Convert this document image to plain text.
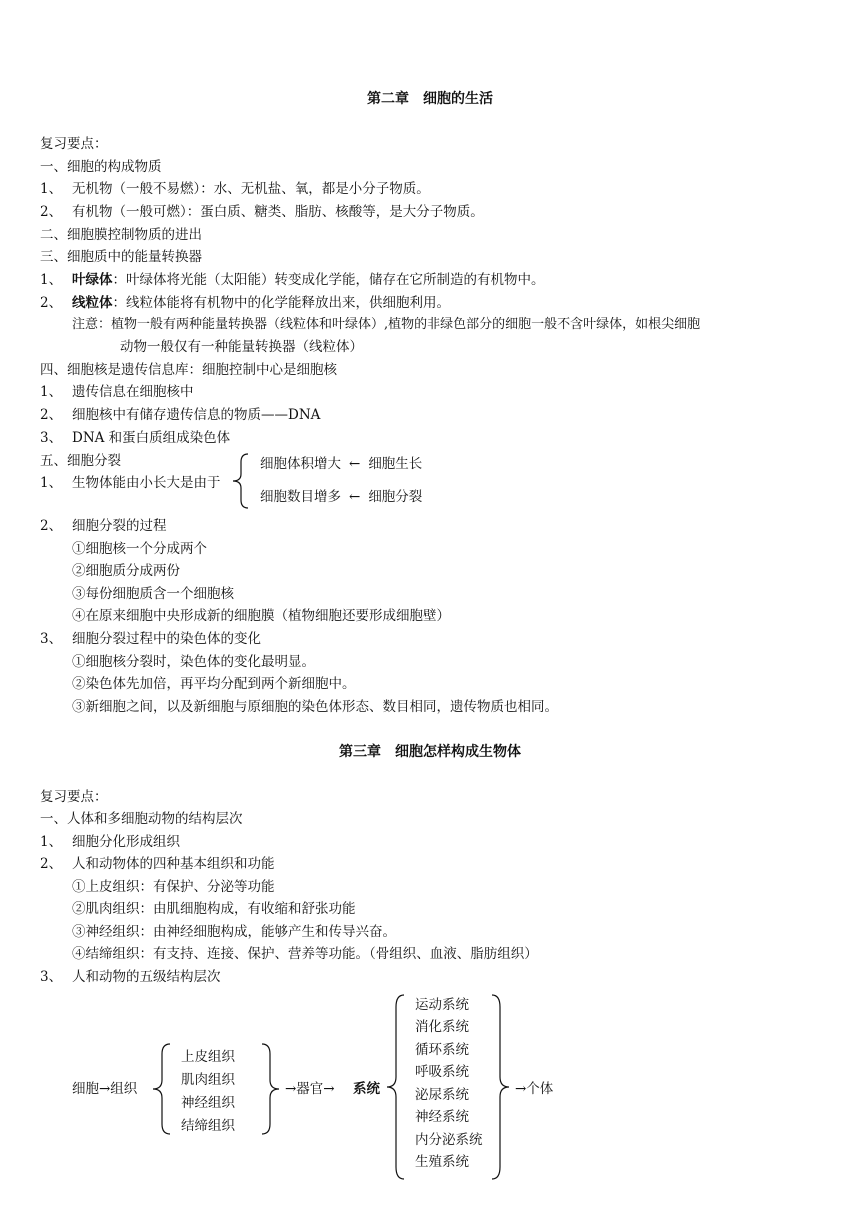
第二章　细胞的生活
复习要点：
一、细胞的构成物质
1、 无机物（一般不易燃）：水、无机盐、氧，都是小分子物质。
2、 有机物（一般可燃）：蛋白质、糖类、脂肪、核酸等，是大分子物质。
二、细胞膜控制物质的进出
三、细胞质中的能量转换器
1、 叶绿体：叶绿体将光能（太阳能）转变成化学能，储存在它所制造的有机物中。
2、 线粒体：线粒体能将有机物中的化学能释放出来，供细胞利用。
注意：植物一般有两种能量转换器（线粒体和叶绿体）,植物的非绿色部分的细胞一般不含叶绿体，如根尖细胞
动物一般仅有一种能量转换器（线粒体）
四、细胞核是遗传信息库：细胞控制中心是细胞核
1、 遗传信息在细胞核中
2、 细胞核中有储存遗传信息的物质——DNA
3、 DNA 和蛋白质组成染色体
五、细胞分裂
1、 生物体能由小长大是由于
细胞体积增大 ← 细胞生长
细胞数目增多 ← 细胞分裂
2、 细胞分裂的过程
①细胞核一个分成两个
②细胞质分成两份
③每份细胞质含一个细胞核
④在原来细胞中央形成新的细胞膜（植物细胞还要形成细胞壁）
3、 细胞分裂过程中的染色体的变化
①细胞核分裂时，染色体的变化最明显。
②染色体先加倍，再平均分配到两个新细胞中。
③新细胞之间，以及新细胞与原细胞的染色体形态、数目相同，遗传物质也相同。
第三章　细胞怎样构成生物体
复习要点：
一、人体和多细胞动物的结构层次
1、 细胞分化形成组织
2、 人和动物体的四种基本组织和功能
①上皮组织：有保护、分泌等功能
②肌肉组织：由肌细胞构成，有收缩和舒张功能
③神经组织：由神经细胞构成，能够产生和传导兴奋。
④结缔组织：有支持、连接、保护、营养等功能。（骨组织、血液、脂肪组织）
3、 人和动物的五级结构层次
细胞→组织
上皮组织
肌肉组织
神经组织
结缔组织
→器官→ 系统
运动系统
消化系统
循环系统
呼吸系统
泌尿系统
神经系统
内分泌系统
生殖系统
→个体
